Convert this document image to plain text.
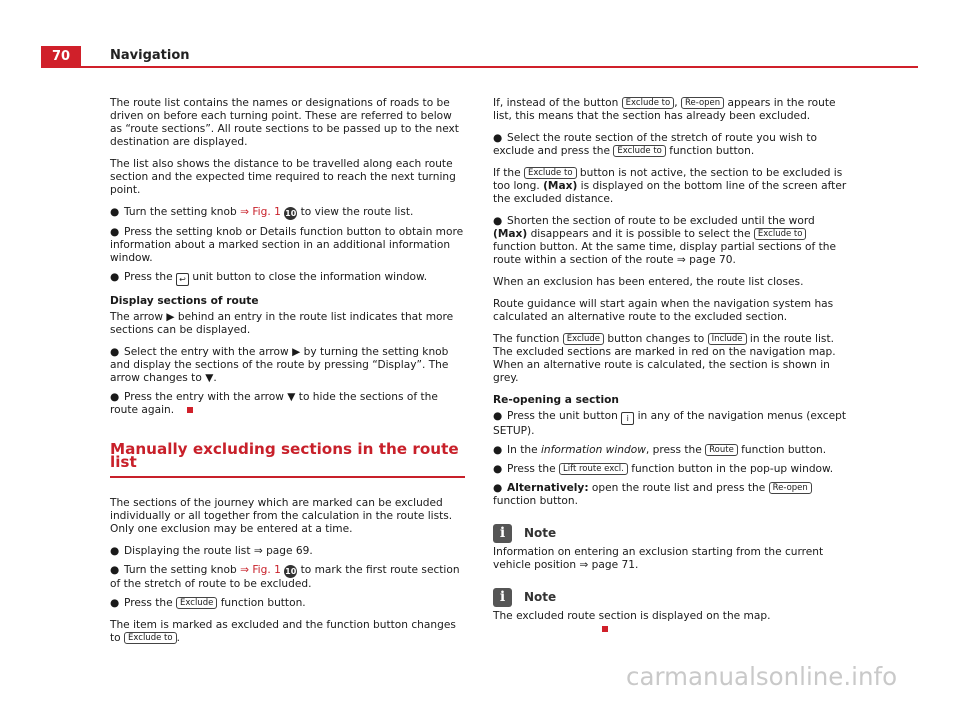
70	Navigation

The route list contains the names or designations of roads to be driven on before each turning point. These are referred to below as “route sections”. All route sections to be passed up to the next destination are displayed.

The list also shows the distance to be travelled along each route section and the expected time required to reach the next turning point.

● Turn the setting knob ⇒ Fig. 1 10 to view the route list.
● Press the setting knob or Details function button to obtain more information about a marked section in an additional information window.
● Press the ↩ unit button to close the information window.
Display sections of route

The arrow ▶ behind an entry in the route list indicates that more sections can be displayed.

● Select the entry with the arrow ▶ by turning the setting knob and display the sections of the route by pressing “Display”. The arrow changes to ▼.
● Press the entry with the arrow ▼ to hide the sections of the route again.
Manually excluding sections in the route list

The sections of the journey which are marked can be excluded individually or all together from the calculation in the route lists. Only one exclusion may be entered at a time.

● Displaying the route list ⇒ page 69.
● Turn the setting knob ⇒ Fig. 1 10 to mark the first route section of the stretch of route to be excluded.
● Press the Exclude function button.

The item is marked as excluded and the function button changes to Exclude to .

If, instead of the button Exclude to , Re-open appears in the route list, this means that the section has already been excluded.

● Select the route section of the stretch of route you wish to exclude and press the Exclude to function button.

If the Exclude to button is not active, the section to be excluded is too long. (Max) is displayed on the bottom line of the screen after the excluded distance.

● Shorten the section of route to be excluded until the word (Max) disappears and it is possible to select the Exclude to function button. At the same time, display partial sections of the route within a section of the route ⇒ page 70.

When an exclusion has been entered, the route list closes.

Route guidance will start again when the navigation system has calculated an alternative route to the excluded section.

The function Exclude button changes to Include in the route list. The excluded sections are marked in red on the navigation map. When an alternative route is calculated, the section is shown in grey.

Re-opening a section
● Press the unit button i in any of the navigation menus (except SETUP).
● In the information window, press the Route function button.
● Press the Lift route excl. function button in the pop-up window.
● Alternatively: open the route list and press the Re-open function button.
i	Note

Information on entering an exclusion starting from the current vehicle position ⇒ page 71.

i	Note

The excluded route section is displayed on the map.

carmanualsonline.info
